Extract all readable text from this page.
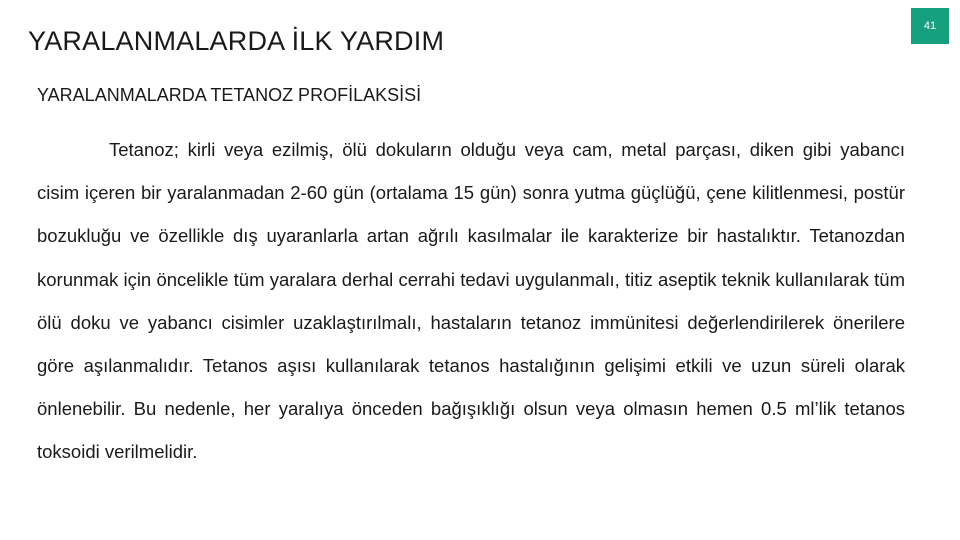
41
YARALANMALARDA İLK YARDIM
YARALANMALARDA TETANOZ PROFİLAKSİSİ

Tetanoz; kirli veya ezilmiş, ölü dokuların olduğu veya cam, metal parçası, diken gibi yabancı cisim içeren bir yaralanmadan 2-60 gün (ortalama 15 gün) sonra yutma güçlüğü, çene kilitlenmesi, postür bozukluğu ve özellikle dış uyaranlarla artan ağrılı kasılmalar ile karakterize bir hastalıktır. Tetanozdan korunmak için öncelikle tüm yaralara derhal cerrahi tedavi uygulanmalı, titiz aseptik teknik kullanılarak tüm ölü doku ve yabancı cisimler uzaklaştırılmalı, hastaların tetanoz immünitesi değerlendirilerek önerilere göre aşılanmalıdır. Tetanos aşısı kullanılarak tetanos hastalığının gelişimi etkili ve uzun süreli olarak önlenebilir. Bu nedenle, her yaralıya önceden bağışıklığı olsun veya olmasın hemen 0.5 ml’lik tetanos toksoidi verilmelidir.
